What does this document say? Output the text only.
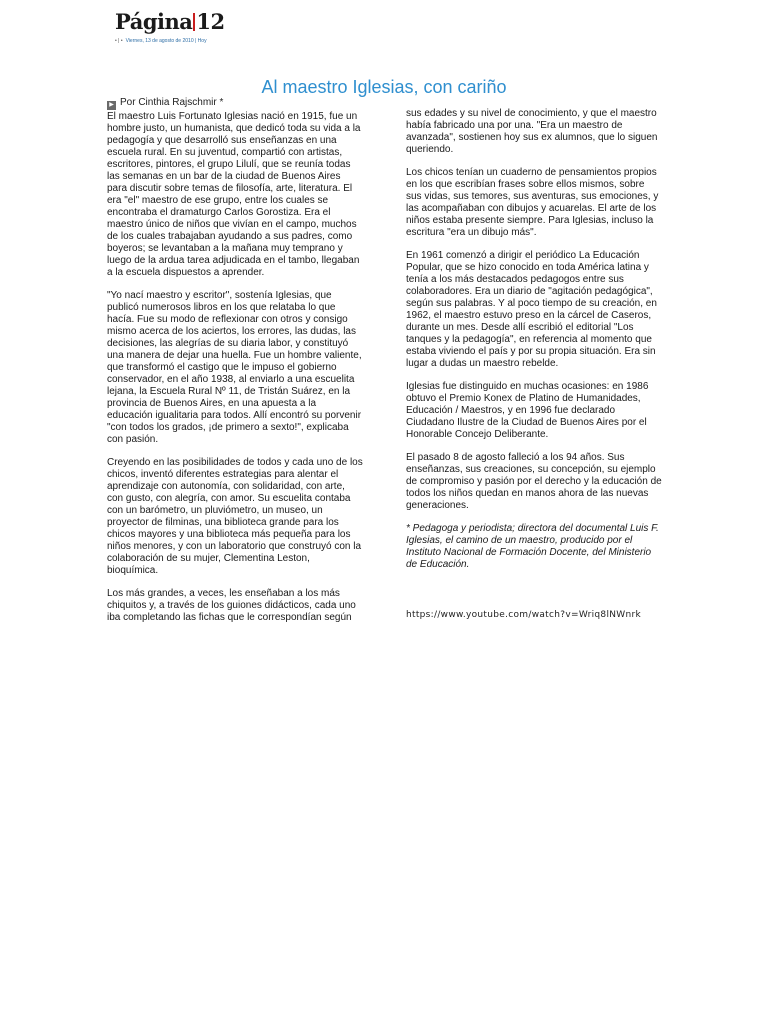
Página 12
• | • Viernes, 13 de agosto de 2010 | Hoy
Al maestro Iglesias, con cariño
▶ Por Cinthia Rajschmir *

El maestro Luis Fortunato Iglesias nació en 1915, fue un hombre justo, un humanista, que dedicó toda su vida a la pedagogía y que desarrolló sus enseñanzas en una escuela rural. En su juventud, compartió con artistas, escritores, pintores, el grupo Lilulí, que se reunía todas las semanas en un bar de la ciudad de Buenos Aires para discutir sobre temas de filosofía, arte, literatura. El era "el" maestro de ese grupo, entre los cuales se encontraba el dramaturgo Carlos Gorostiza. Era el maestro único de niños que vivían en el campo, muchos de los cuales trabajaban ayudando a sus padres, como boyeros; se levantaban a la mañana muy temprano y luego de la ardua tarea adjudicada en el tambo, llegaban a la escuela dispuestos a aprender.

"Yo nací maestro y escritor", sostenía Iglesias, que publicó numerosos libros en los que relataba lo que hacía. Fue su modo de reflexionar con otros y consigo mismo acerca de los aciertos, los errores, las dudas, las decisiones, las alegrías de su diaria labor, y constituyó una manera de dejar una huella. Fue un hombre valiente, que transformó el castigo que le impuso el gobierno conservador, en el año 1938, al enviarlo a una escuelita lejana, la Escuela Rural Nº 11, de Tristán Suárez, en la provincia de Buenos Aires, en una apuesta a la educación igualitaria para todos. Allí encontró su porvenir "con todos los grados, ¡de primero a sexto!", explicaba con pasión.

Creyendo en las posibilidades de todos y cada uno de los chicos, inventó diferentes estrategias para alentar el aprendizaje con autonomía, con solidaridad, con arte, con gusto, con alegría, con amor. Su escuelita contaba con un barómetro, un pluviómetro, un museo, un proyector de filminas, una biblioteca grande para los chicos mayores y una biblioteca más pequeña para los niños menores, y con un laboratorio que construyó con la colaboración de su mujer, Clementina Leston, bioquímica.

Los más grandes, a veces, les enseñaban a los más chiquitos y, a través de los guiones didácticos, cada uno iba completando las fichas que le correspondían según

sus edades y su nivel de conocimiento, y que el maestro había fabricado una por una. "Era un maestro de avanzada", sostienen hoy sus ex alumnos, que lo siguen queriendo.

Los chicos tenían un cuaderno de pensamientos propios en los que escribían frases sobre ellos mismos, sobre sus vidas, sus temores, sus aventuras, sus emociones, y las acompañaban con dibujos y acuarelas. El arte de los niños estaba presente siempre. Para Iglesias, incluso la escritura "era un dibujo más".

En 1961 comenzó a dirigir el periódico La Educación Popular, que se hizo conocido en toda América latina y tenía a los más destacados pedagogos entre sus colaboradores. Era un diario de "agitación pedagógica", según sus palabras. Y al poco tiempo de su creación, en 1962, el maestro estuvo preso en la cárcel de Caseros, durante un mes. Desde allí escribió el editorial "Los tanques y la pedagogía", en referencia al momento que estaba viviendo el país y por su propia situación. Era sin lugar a dudas un maestro rebelde.

Iglesias fue distinguido en muchas ocasiones: en 1986 obtuvo el Premio Konex de Platino de Humanidades, Educación / Maestros, y en 1996 fue declarado Ciudadano Ilustre de la Ciudad de Buenos Aires por el Honorable Concejo Deliberante.

El pasado 8 de agosto falleció a los 94 años. Sus enseñanzas, sus creaciones, su concepción, su ejemplo de compromiso y pasión por el derecho y la educación de todos los niños quedan en manos ahora de las nuevas generaciones.

* Pedagoga y periodista; directora del documental Luis F. Iglesias, el camino de un maestro, producido por el Instituto Nacional de Formación Docente, del Ministerio de Educación.

https://www.youtube.com/watch?v=Wriq8lNWnrk
